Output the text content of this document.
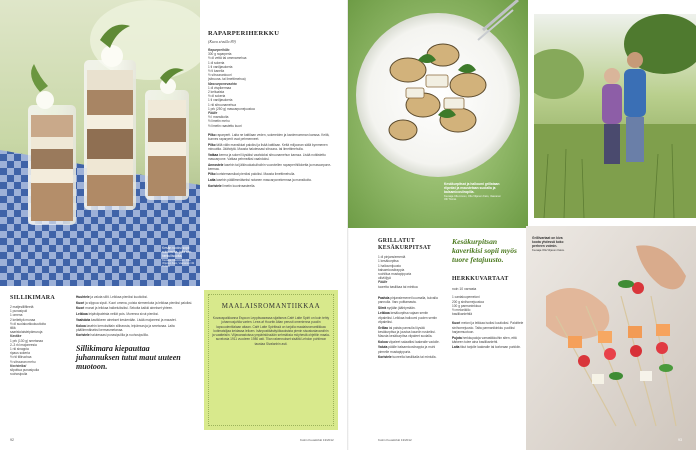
Kesän vuoksi sopii suklaasilta, jolla sen herkullisuutta.
Kuvaaja Ulla Anoux, Olla Viljanen Kato, Vaaranen Olli Tivimä.
RAPARPERIHERKKU
(Kuva sivulla 89)
Raparperihillo
300 g raparperia
½ dl vettä tai omenamehua
1 dl sokeria
1 tl vaniljasokeria
½ tl kanelia
½ sitruunankuori
(sitruuna- tai limettimehua)
Mascarponevaahto
1 dl vispikermaa
2 keltuaista
½ dl sokeria
1 tl vaniljasokeria
1 rkl sitruunamehua
1 prk (250 g) mascarponejuustoa
Päälle
½ l mansikoita
½ limetin mehu
½ limetin raastettu kuori

Pilko raparperit. Laita ne kattilaan veden, sokereiden ja kardemumman kanssa. Keitä, kunnes raparperit ovat pehmenneet.

Pilko tällä välin mansikkat paloiksi ja lisää kattilaan. Keitä miljoonan säilä kymmenen minuuttia. Jäähdytä. Mausta halutessasi sitruuna- tai limettimehulla.

Vatkaa kerma ja sokeri löysäksi vaahdoksi sitruunamehun kanssa. Lisää notkistettu mascarpone. Vatkaa pehmeäksi vaahdoksi.

Annostele lasehin tai jälkiruokakulhoihin vuorotellen raparperihilloketta ja mascarpone-kermaa.

Pilko koristemansikat pieniksi paloiksi. Mausta limettimehulla.

Laita lasehin päällimmäiseksi notanen mascarponekermaa ja mansikoita.

Koristele limetin kuorirraasteella.

SILLIKIMARA
2 matjesillifileetä
1 punasipuli
1 omena
2 keitettyä munaa
½ dl suolakurkkukuutioita
tilliä
saaristolaisleipämuruja
Kastike
1 prk (130 g) smetanaa
2–3 rkl majoneesia
1 rkl sinappia
ripaus sokeria
½ rkl tilliruohoa
½ sitruunan mehu
Koristeiksi
silpottua punasipulia
ruohosipulia

Huuhtele ja valuta sillit. Leikkaa pieniksi kuutioiksi.

Kuori ja silppua sipuli. Kuori omena, poista siemenkota ja leikkaa pieniksi paloiksi.

Kuori munat ja leikkaa halkeluiksiksi. Sekoita kaikki ainekset yhteen.

Leikkaa leipäviipaleista neliät pois. Murenna sivut pieniksi.

Vaahdota kastikkeen ainekset keskenään. Lisää majoneesi ja maustet.

Kokoa lasehin kerroksittain silliseosta, leipämuruja ja smetanaa. Laita päällimmäiseksi kermasmetanaa.

Koristele halutessasi punasipulilla ja ruohosipulilla.

Sillikimara kiepauttaa juhannuksen tutut maut uuteen muotoon.
MAALAISROMANTIIKKAA
Kuvauspaikkanna Espoon Leppävaarassa sijaitseva Café Latte Spirit on kuin tehty juhannusjuhlia varten. Leea af Hourtin Aitan perusti omenienna puodin lapsuudentilalaan aitaan. Café Latte Spiritissä on tarjolla maalaisromantiikkaa kotimaisiljaa keidassa leiluen. Isänpostikäsityöikauksista pienin sisustustavaroihin ja vaatteisiin. Viljavarastoissa ympäristössään sehmäksia möyhestä ohjeltiin maala-suvelosta 1911 vuodeen 1980 asti. Tilan rakennukset sisältä Lehdon pohtimon taustaa Sivalanhin asti.
92	Kotiin Kuuskirkki 13/2012
Kesäkurpitsat ja halloumi grillataan riipeäst ja maustetaan suolalla ja balsamicosiirapilla.
Kuvaaja Ulla Anoux, Olla Viljanen Kato, Vaaranen Olli Tivimä.
GRILLATUT KESÄKURPITSAT
1 dl pinjansiemeniä
1 kesäkurpitsa
1 halloumijuusto
balsamicosiirappia
ruohiltua mustapippuria
oliiviöljyä
Päälle
tuoretta basilikaa tai minttua

Paahda pinjansiemenet kuumalla, kuivalla pannulla. Varo polttamasta.

Siirrä syrjään jäähtymään.

Leikkaa kesäkurpitsa vajaan sentin viipaleiksi. Leikkaa halloumi puolen sentin viipaleiksi.

Grillaa tai paista pannulla löysää kesäkurpitsa ja juustoa kauniin ruskeiksi. Mausta kesäkurpitsa viipaleet suolalla.

Kokoa viipaleet salaatiksi laakealle vadolle.

Valuta päälle balsamicosiirappia ja muhi pirmelle mustapippuria.

Koristele tuoreella basilikalla tai mintulla.

Kesäkurpitsan kaverikisi sopii myös tuore fetajuusto.
HERKKUVARTAAT
noin 10 varrasta
1 cantaloupemeloni
200 g sinihomejuustoa
100 g parmaninkkua
½ melonikiilo
basilikanlehtiä

Kuori meloni ja leikkaa isoiksi kuutioiksi. Paloittele sinihomejuusto. Taita parmanikinkku puoliksi harjanmuotoon.

Pujota herkkupaloja varrastikkuihin siten, että kärkeen tulee aina basilikanlehti.

Laita tikut tarjolle laakealle tai korkeaan purkkiin.

Grillivartaat on kiva koota yhdessä koko perheen voimin.
Kuvaaja Olla Viljanen Katos.
Kotiin Kuuskirkki 13/2012	93
